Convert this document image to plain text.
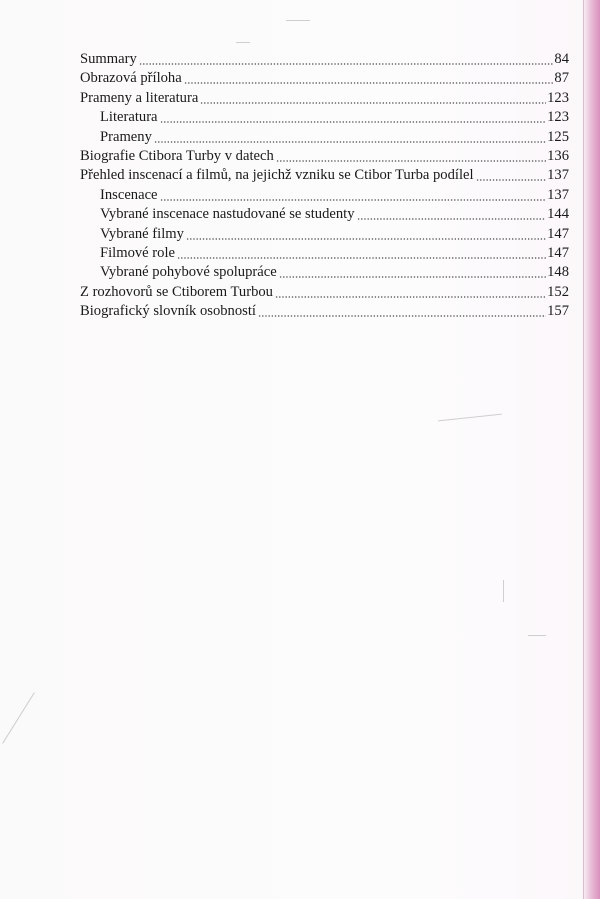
Summary	84
Obrazová příloha	87
Prameny a literatura	123
Literatura	123
Prameny	125
Biografie Ctibora Turby v datech	136
Přehled inscenací a filmů, na jejichž vzniku se Ctibor Turba podílel	137
Inscenace	137
Vybrané inscenace nastudované se studenty	144
Vybrané filmy	147
Filmové role	147
Vybrané pohybové spolupráce	148
Z rozhovorů se Ctiborem Turbou	152
Biografický slovník osobností	157
